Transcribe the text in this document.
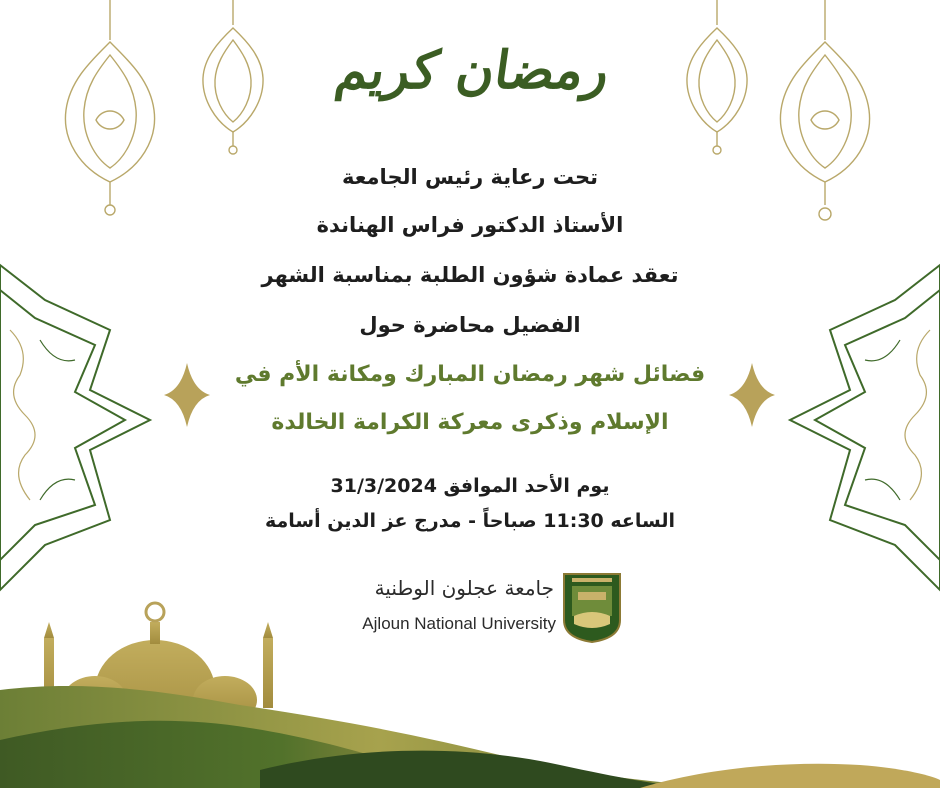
رمضان كريم
تحت رعاية رئيس الجامعة
الأستاذ الدكتور فراس الهناندة
تعقد عمادة شؤون الطلبة بمناسبة الشهر
الفضيل محاضرة حول
فضائل شهر رمضان المبارك ومكانة الأم في
الإسلام وذكرى معركة الكرامة الخالدة
يوم الأحد الموافق 31/3/2024
الساعه 11:30 صباحاً - مدرج عز الدين أسامة
جامعة عجلون الوطنية
Ajloun National University
